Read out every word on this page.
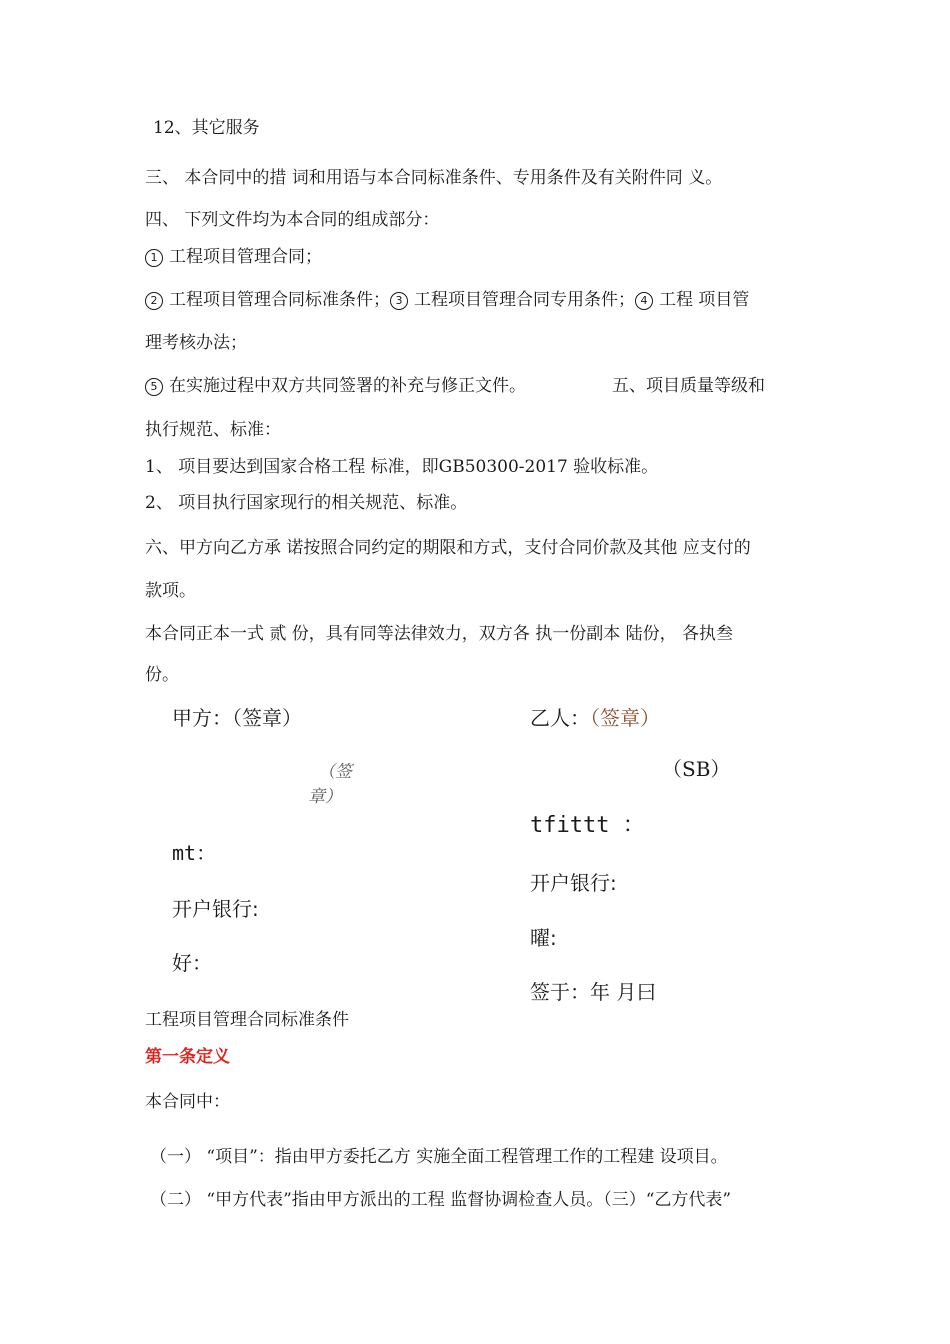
12、其它服务
三、 本合同中的措 词和用语与本合同标准条件、专用条件及有关附件同 义。
四、 下列文件均为本合同的组成部分：
1 工程项目管理合同；
2 工程项目管理合同标准条件； 3 工程项目管理合同专用条件； 4 工程 项目管
理考核办法；
5 在实施过程中双方共同签署的补充与修正文件。	五、项目质量等级和
执行规范、标准：
1、 项目要达到国家合格工程 标准，即GB50300-2017 验收标准。
2、 项目执行国家现行的相关规范、标准。
六、甲方向乙方承 诺按照合同约定的期限和方式，支付合同价款及其他 应支付的
款项。
本合同正本一式 贰 份，具有同等法律效力，双方各 执一份副本 陆份， 各执叁
份。
甲方：（签章）
（签
章）
mt：
开户银行:
好：
乙人：（签章）
（SB）
tfittt ：
开户银行:
曜:
签于：年 月曰
工程项目管理合同标准条件
第一条定义
本合同中：
（一） “项目”：指由甲方委托乙方 实施全面工程管理工作的工程建 设项目。
（二） “甲方代表”指由甲方派出的工程 监督协调检查人员。（三）“乙方代表”
